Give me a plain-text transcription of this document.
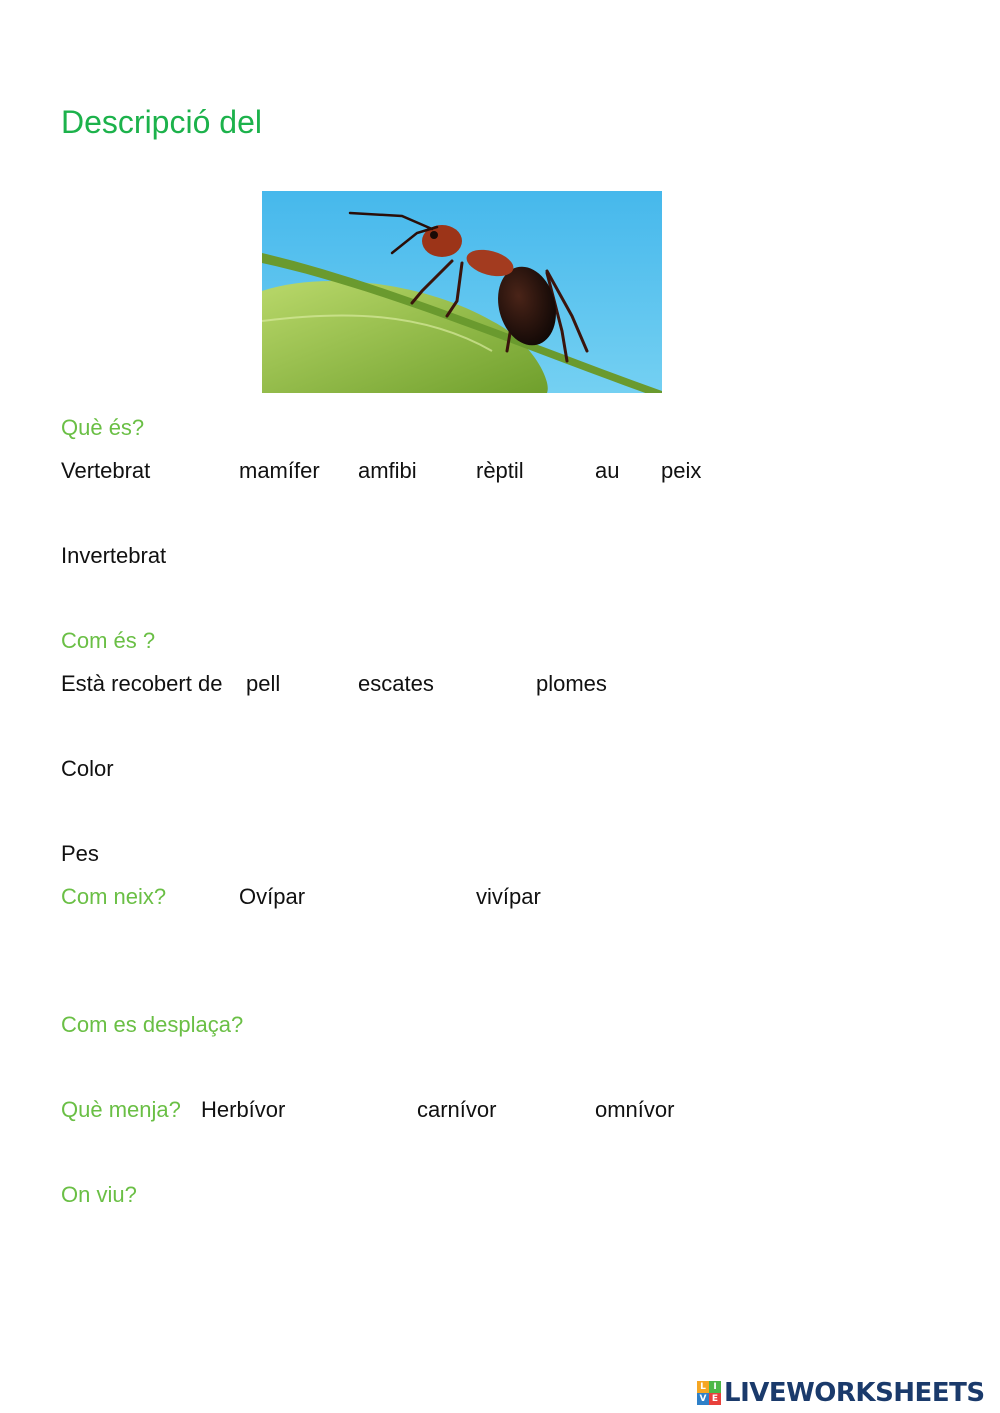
Descripció del
Què és?
Vertebrat	mamífer amfibi	rèptil	au peix
Invertebrat
Com és ?
Està recobert de pell	escates	plomes
Color
Pes
Com neix?	Ovípar	vivípar
Com es desplaça?
Què menja? Herbívor	carnívor	omnívor
On viu?
L I
V E LIVEWORKSHEETS
